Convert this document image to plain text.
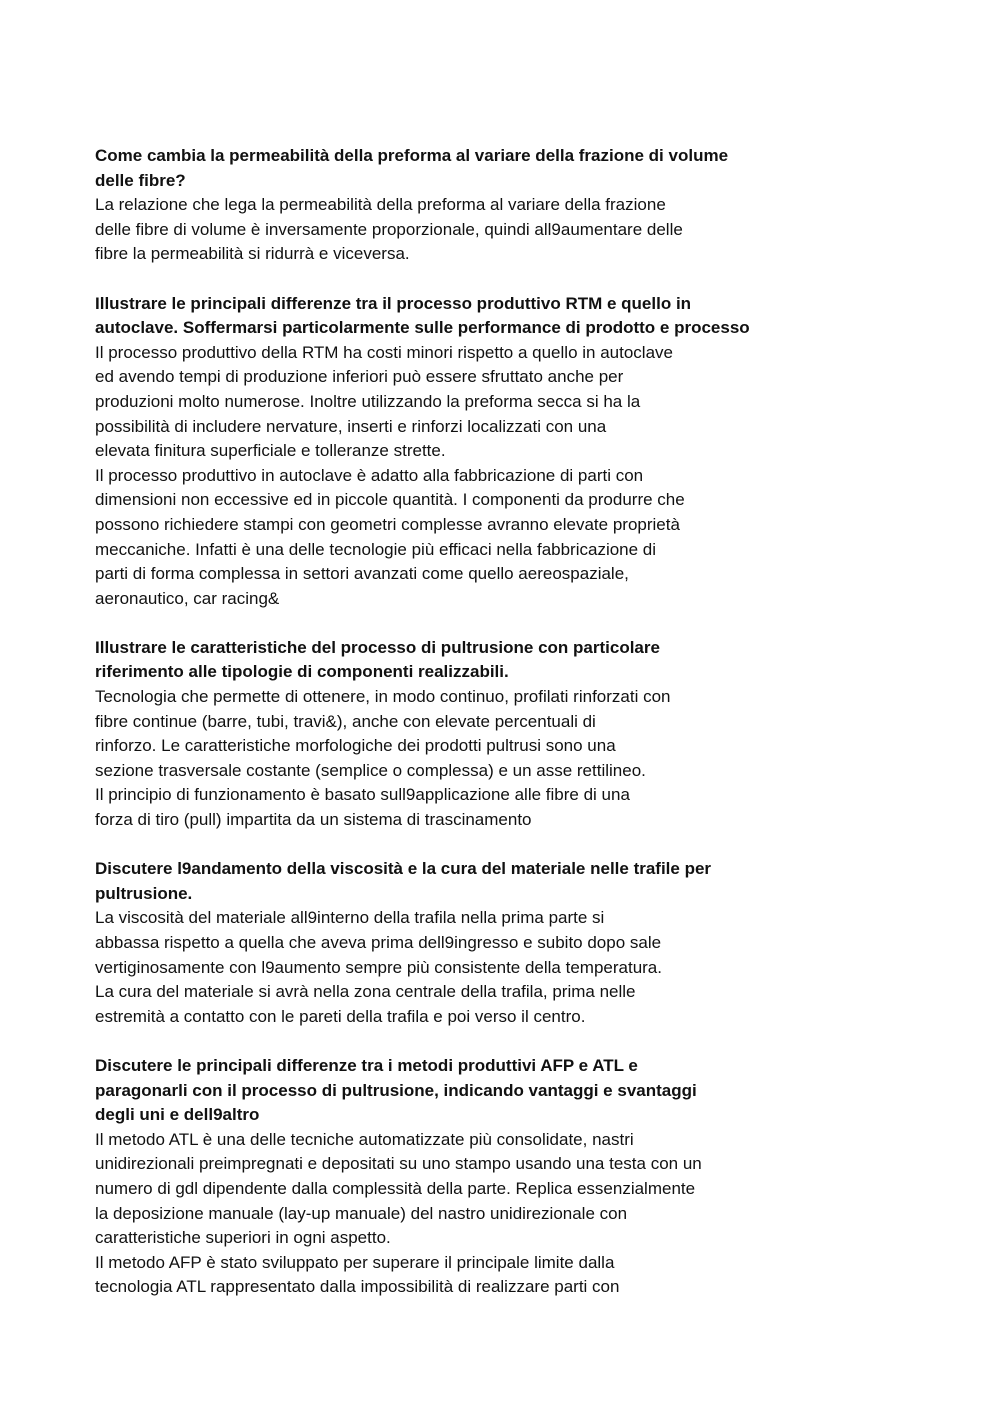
Come cambia la permeabilità della preforma al variare della frazione di volume
delle fibre?
La relazione che lega la permeabilità della preforma al variare della frazione
delle fibre di volume è inversamente proporzionale, quindi all9aumentare delle
fibre la permeabilità si ridurrà e viceversa.
Illustrare le principali differenze tra il processo produttivo RTM e quello in
autoclave. Soffermarsi particolarmente sulle performance di prodotto e processo
Il processo produttivo della RTM ha costi minori rispetto a quello in autoclave
ed avendo tempi di produzione inferiori può essere sfruttato anche per
produzioni molto numerose. Inoltre utilizzando la preforma secca si ha la
possibilità di includere nervature, inserti e rinforzi localizzati con una
elevata finitura superficiale e tolleranze strette.
Il processo produttivo in autoclave è adatto alla fabbricazione di parti con
dimensioni non eccessive ed in piccole quantità. I componenti da produrre che
possono richiedere stampi con geometri complesse avranno elevate proprietà
meccaniche. Infatti è una delle tecnologie più efficaci nella fabbricazione di
parti di forma complessa in settori avanzati come quello aereospaziale,
aeronautico, car racing&
Illustrare le caratteristiche del processo di pultrusione con particolare
riferimento alle tipologie di componenti realizzabili.
Tecnologia che permette di ottenere, in modo continuo, profilati rinforzati con
fibre continue (barre, tubi, travi&), anche con elevate percentuali di
rinforzo. Le caratteristiche morfologiche dei prodotti pultrusi sono una
sezione trasversale costante (semplice o complessa) e un asse rettilineo.
Il principio di funzionamento è basato sull9applicazione alle fibre di una
forza di tiro (pull) impartita da un sistema di trascinamento
Discutere l9andamento della viscosità e la cura del materiale nelle trafile per
pultrusione.
La viscosità del materiale all9interno della trafila nella prima parte si
abbassa rispetto a quella che aveva prima dell9ingresso e subito dopo sale
vertiginosamente con l9aumento sempre più consistente della temperatura.
La cura del materiale si avrà nella zona centrale della trafila, prima nelle
estremità a contatto con le pareti della trafila e poi verso il centro.
Discutere le principali differenze tra i metodi produttivi AFP e ATL e
paragonarli con il processo di pultrusione, indicando vantaggi e svantaggi
degli uni e dell9altro
Il metodo ATL è una delle tecniche automatizzate più consolidate, nastri
unidirezionali preimpregnati e depositati su uno stampo usando una testa con un
numero di gdl dipendente dalla complessità della parte. Replica essenzialmente
la deposizione manuale (lay-up manuale) del nastro unidirezionale con
caratteristiche superiori in ogni aspetto.
Il metodo AFP è stato sviluppato per superare il principale limite dalla
tecnologia ATL rappresentato dalla impossibilità di realizzare parti con
